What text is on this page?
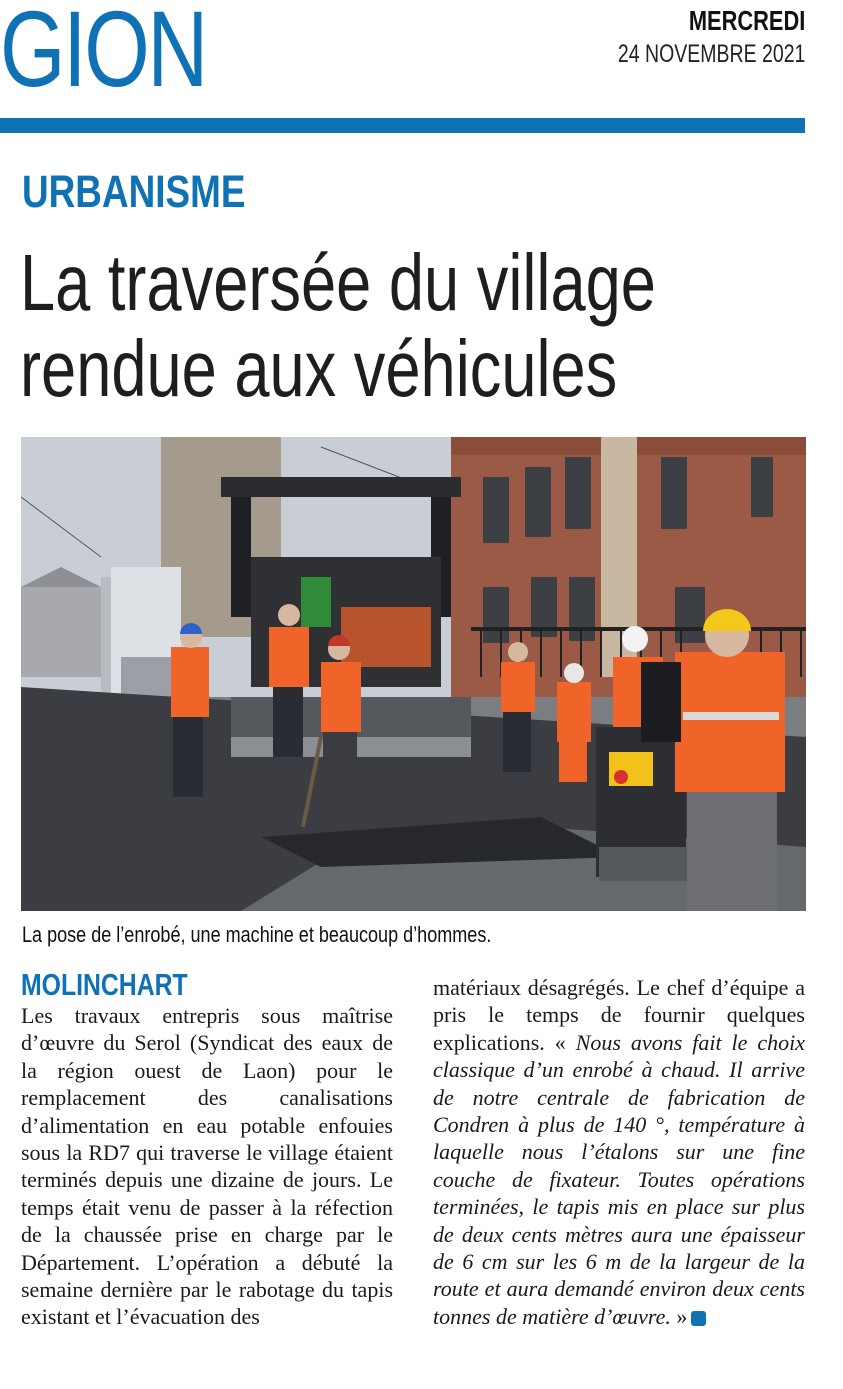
GION	MERCREDI
24 NOVEMBRE 2021
URBANISME
La traversée du village
rendue aux véhicules
La pose de l’enrobé, une machine et beaucoup d’hommes.
MOLINCHART

Les travaux entrepris sous maîtrise d’œuvre du Serol (Syndicat des eaux de la région ouest de Laon) pour le remplacement des canalisations d’alimentation en eau potable enfouies sous la RD7 qui traverse le village étaient terminés depuis une dizaine de jours. Le temps était venu de passer à la réfection de la chaussée prise en charge par le Département. L’opération a débuté la semaine dernière par le rabotage du tapis existant et l’évacuation des

matériaux désagrégés. Le chef d’équipe a pris le temps de fournir quelques explications. « Nous avons fait le choix classique d’un enrobé à chaud. Il arrive de notre centrale de fabrication de Condren à plus de 140 °, température à laquelle nous l’étalons sur une fine couche de fixateur. Toutes opérations terminées, le tapis mis en place sur plus de deux cents mètres aura une épaisseur de 6 cm sur les 6 m de la largeur de la route et aura demandé environ deux cents tonnes de matière d’œuvre. »
